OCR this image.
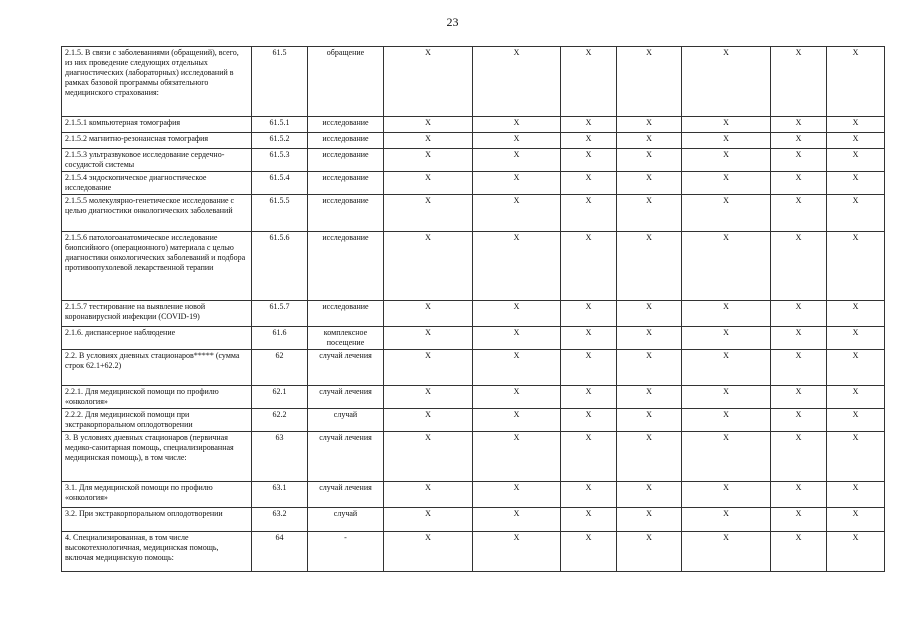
23
2.1.5. В связи с заболеваниями (обращений), всего, из них проведение следующих отдельных диагностических (лабораторных) исследований в рамках базовой программы обязательного медицинского страхования:	61.5	обращение	X	X	X	X	X	X	X
2.1.5.1 компьютерная томография	61.5.1	исследование	X	X	X	X	X	X	X
2.1.5.2 магнитно-резонансная томография	61.5.2	исследование	X	X	X	X	X	X	X
2.1.5.3 ультразвуковое исследование сердечно-сосудистой системы	61.5.3	исследование	X	X	X	X	X	X	X
2.1.5.4 эндоскопическое диагностическое исследование	61.5.4	исследование	X	X	X	X	X	X	X
2.1.5.5 молекулярно-генетическое исследование с целью диагностики онкологических заболеваний	61.5.5	исследование	X	X	X	X	X	X	X
2.1.5.6 патологоанатомическое исследование биопсийного (операционного) материала с целью диагностики онкологических заболеваний и подбора противоопухолевой лекарственной терапии	61.5.6	исследование	X	X	X	X	X	X	X
2.1.5.7 тестирование на выявление новой коронавирусной инфекции (COVID-19)	61.5.7	исследование	X	X	X	X	X	X	X
2.1.6. диспансерное наблюдение	61.6	комплексное посещение	X	X	X	X	X	X	X
2.2. В условиях дневных стационаров***** (сумма строк 62.1+62.2)	62	случай лечения	X	X	X	X	X	X	X
2.2.1. Для медицинской помощи по профилю «онкология»	62.1	случай лечения	X	X	X	X	X	X	X
2.2.2. Для медицинской помощи при экстракорпоральном оплодотворении	62.2	случай	X	X	X	X	X	X	X
3. В условиях дневных стационаров (первичная медико-санитарная помощь, специализированная медицинская помощь), в том числе:	63	случай лечения	X	X	X	X	X	X	X
3.1. Для медицинской помощи по профилю «онкология»	63.1	случай лечения	X	X	X	X	X	X	X
3.2. При экстракорпоральном оплодотворении	63.2	случай	X	X	X	X	X	X	X
4. Специализированная, в том числе высокотехнологичная, медицинская помощь, включая медицинскую помощь:	64	-	X	X	X	X	X	X	X
